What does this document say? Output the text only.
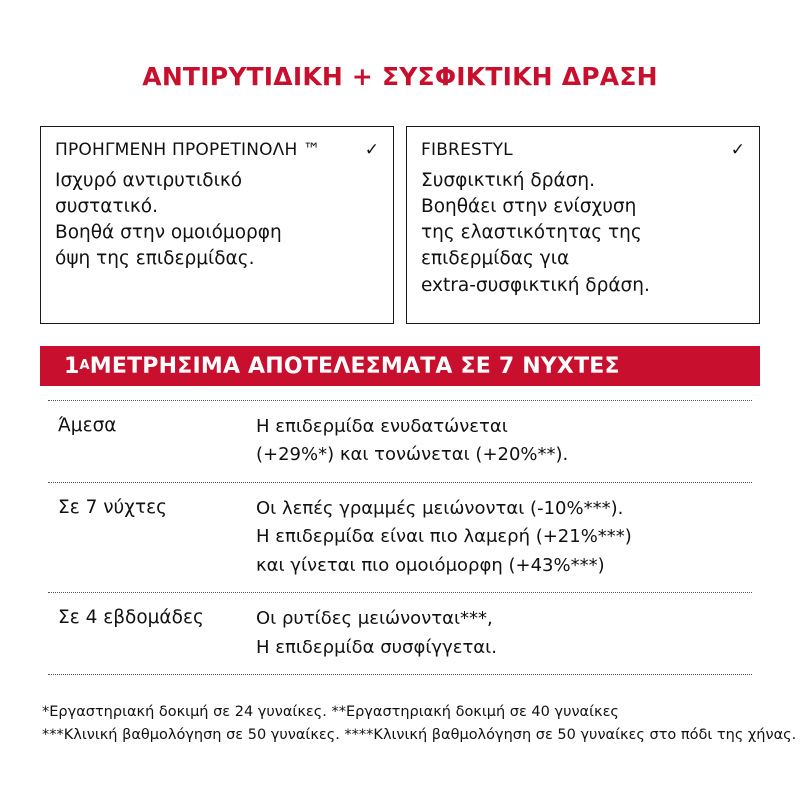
ΑΝΤΙΡΥΤΙΔΙΚΗ + ΣΥΣΦΙΚΤΙΚΗ ΔΡΑΣΗ
ΠΡΟΗΓΜΕΝΗ ΠΡΟΡΕΤΙΝΟΛΗ ™	✓
Ισχυρό αντιρυτιδικό
συστατικό.
Βοηθά στην ομοιόμορφη
όψη της επιδερμίδας.
FIBRESTYL	✓
Συσφικτική δράση.
Βοηθάει στην ενίσχυση
της ελαστικότητας της
επιδερμίδας για
extra-συσφικτική δράση.
1 Α ΜΕΤΡΗΣΙΜΑ ΑΠΟΤΕΛΕΣΜΑΤΑ ΣΕ 7 ΝΥΧΤΕΣ
Άμεσα	Η επιδερμίδα ενυδατώνεται
(+29%*) και τονώνεται (+20%**).
Σε 7 νύχτες	Οι λεπές γραμμές μειώνονται (-10%***).
Η επιδερμίδα είναι πιο λαμερή (+21%***)
και γίνεται πιο ομοιόμορφη (+43%***)
Σε 4 εβδομάδες	Οι ρυτίδες μειώνονται***,
Η επιδερμίδα συσφίγγεται.
*Εργαστηριακή δοκιμή σε 24 γυναίκες. **Εργαστηριακή δοκιμή σε 40 γυναίκες
***Κλινική βαθμολόγηση σε 50 γυναίκες. ****Κλινική βαθμολόγηση σε 50 γυναίκες στο πόδι της χήνας.
